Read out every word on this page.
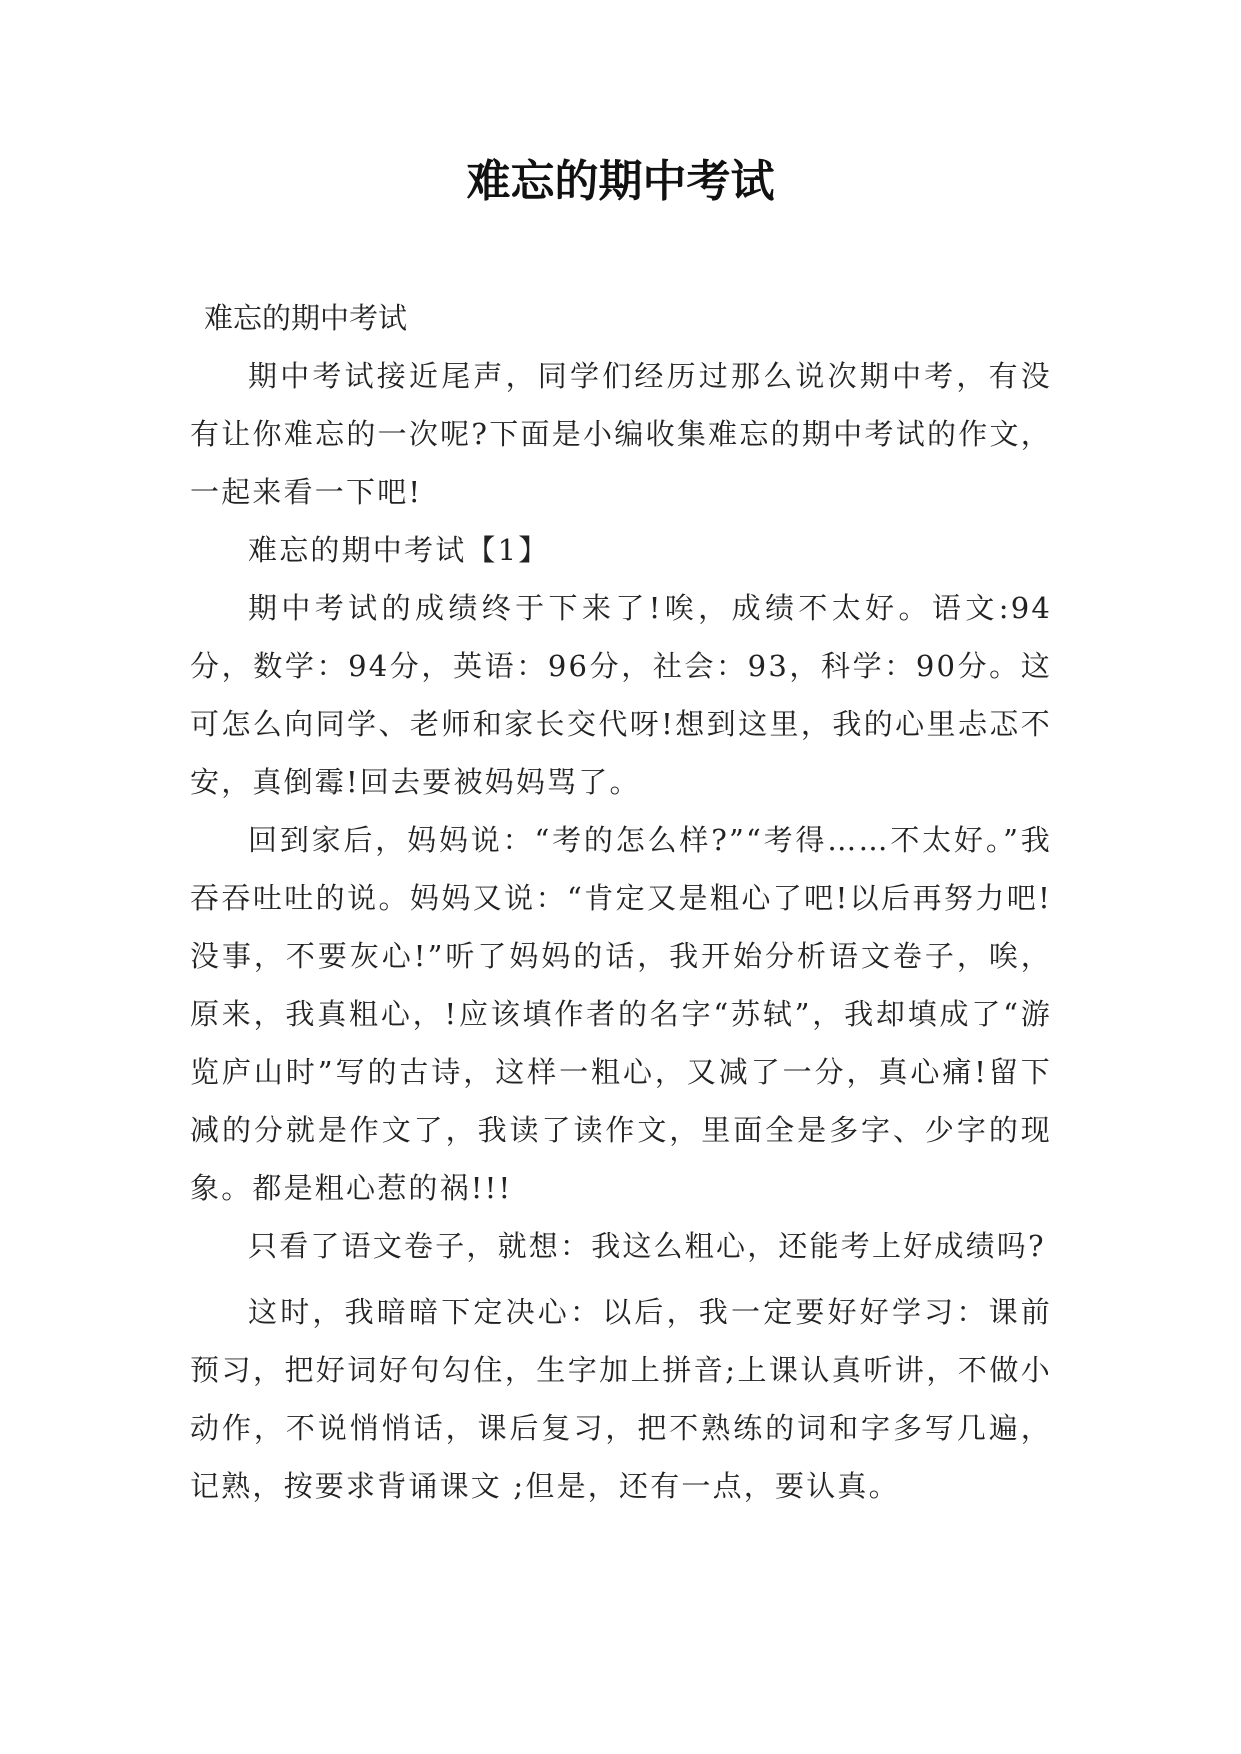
难忘的期中考试

难忘的期中考试

期中考试接近尾声，同学们经历过那么说次期中考，有没有让你难忘的一次呢?下面是小编收集难忘的期中考试的作文，一起来看一下吧!

难忘的期中考试【1】

期中考试的成绩终于下来了!唉，成绩不太好。语文:94分，数学：94分，英语：96分，社会：93，科学：90分。这可怎么向同学、老师和家长交代呀!想到这里，我的心里忐忑不安，真倒霉!回去要被妈妈骂了。

回到家后，妈妈说：“考的怎么样?”“考得……不太好。”我吞吞吐吐的说。妈妈又说：“肯定又是粗心了吧!以后再努力吧!没事，不要灰心!”听了妈妈的话，我开始分析语文卷子，唉，原来，我真粗心，!应该填作者的名字“苏轼”，我却填成了“游览庐山时”写的古诗，这样一粗心，又减了一分，真心痛!留下减的分就是作文了，我读了读作文，里面全是多字、少字的现象。都是粗心惹的祸!!!

只看了语文卷子，就想：我这么粗心，还能考上好成绩吗?

这时，我暗暗下定决心：以后，我一定要好好学习：课前预习，把好词好句勾住，生字加上拼音;上课认真听讲，不做小动作，不说悄悄话，课后复习，把不熟练的词和字多写几遍，记熟，按要求背诵课文 ;但是，还有一点，要认真。
